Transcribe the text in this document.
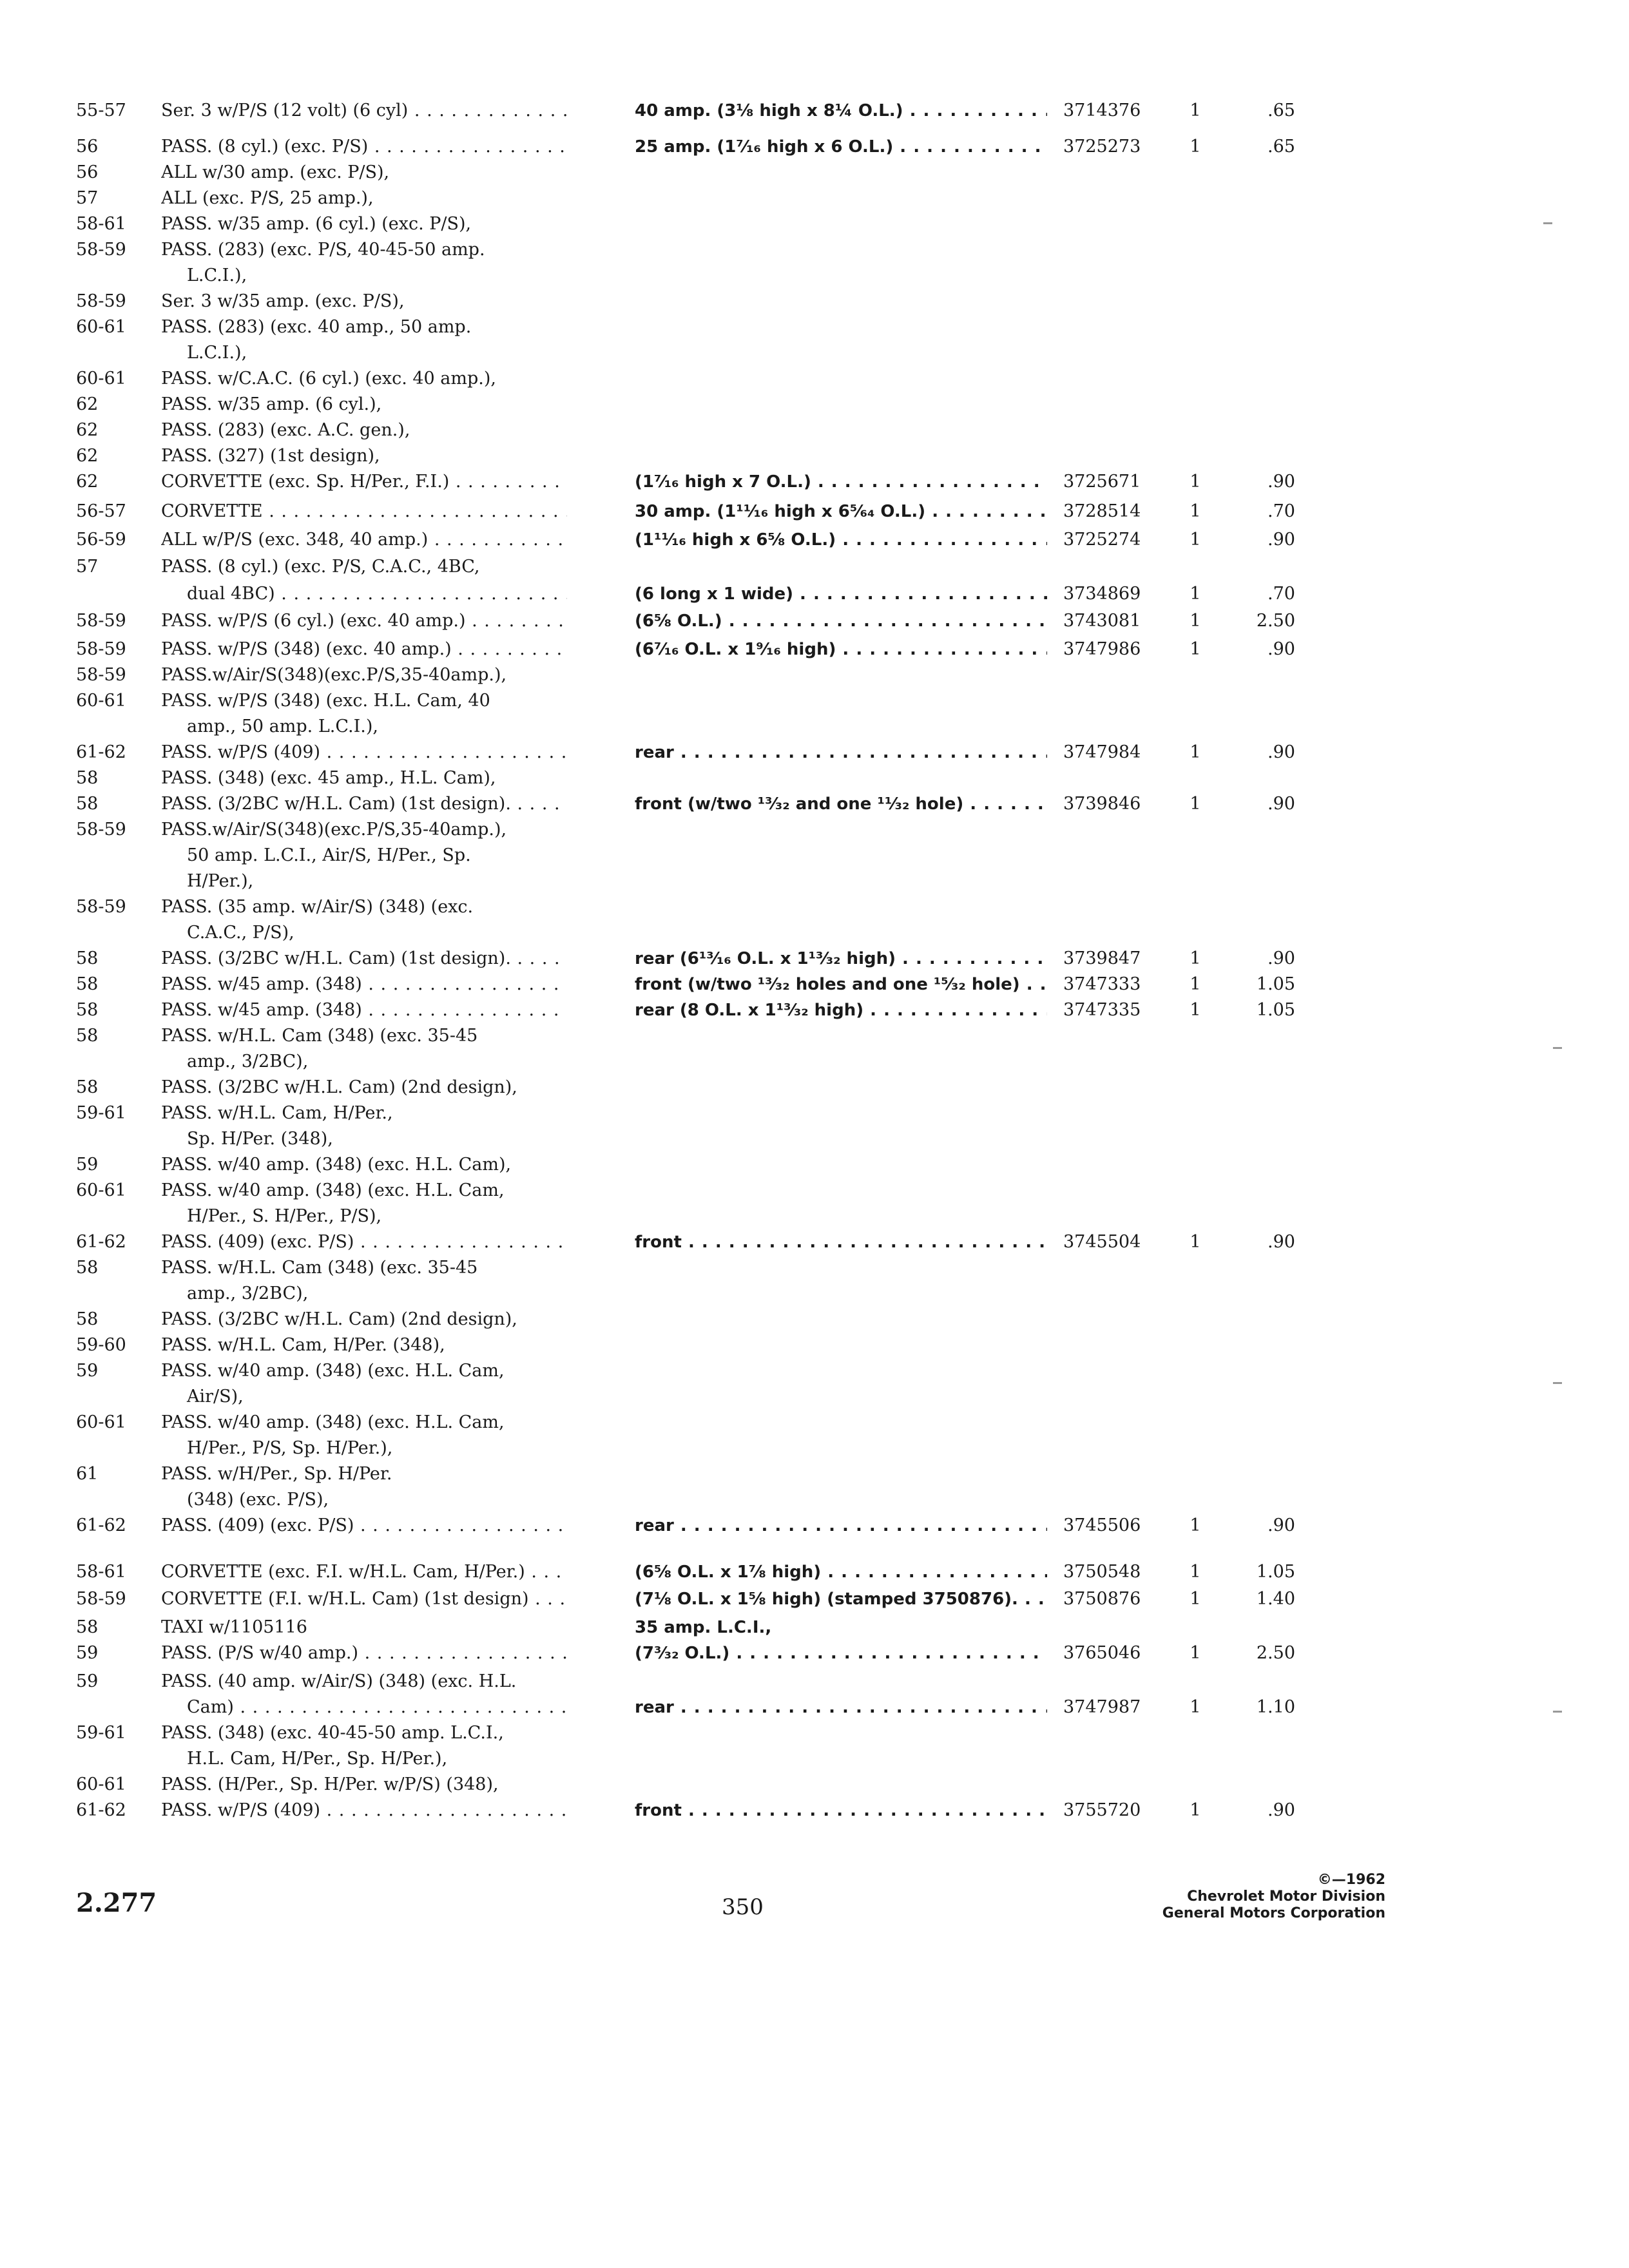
55-57	Ser. 3 w/P/S (12 volt) (6 cyl) . . .	40 amp. (3⅛ high x 8¼ O.L.) . . .	3714376	1	.65
56	PASS. (8 cyl.) (exc. P/S) . . .	25 amp. (1⁷⁄₁₆ high x 6 O.L.) . . .	3725273	1	.65
56	ALL w/30 amp. (exc. P/S),
57	ALL (exc. P/S, 25 amp.),
58-61	PASS. w/35 amp. (6 cyl.) (exc. P/S),
58-59	PASS. (283) (exc. P/S, 40-45-50 amp.
L.C.I.),
58-59	Ser. 3 w/35 amp. (exc. P/S),
60-61	PASS. (283) (exc. 40 amp., 50 amp.
L.C.I.),
60-61	PASS. w/C.A.C. (6 cyl.) (exc. 40 amp.),
62	PASS. w/35 amp. (6 cyl.),
62	PASS. (283) (exc. A.C. gen.),
62	PASS. (327) (1st design),
62	CORVETTE (exc. Sp. H/Per., F.I.) . . .	(1⁷⁄₁₆ high x 7 O.L.) . . .	3725671	1	.90
56-57	CORVETTE . . .	30 amp. (1¹¹⁄₁₆ high x 6⁵⁄₆₄ O.L.) . . .	3728514	1	.70
56-59	ALL w/P/S (exc. 348, 40 amp.) . . .	(1¹¹⁄₁₆ high x 6⅝ O.L.) . . .	3725274	1	.90
57	PASS. (8 cyl.) (exc. P/S, C.A.C., 4BC,
dual 4BC) . . .	(6 long x 1 wide) . . .	3734869	1	.70
58-59	PASS. w/P/S (6 cyl.) (exc. 40 amp.) . . .	(6⅝ O.L.) . . .	3743081	1	2.50
58-59	PASS. w/P/S (348) (exc. 40 amp.) . . .	(6⁷⁄₁₆ O.L. x 1⁹⁄₁₆ high) . . .	3747986	1	.90
58-59	PASS.w/Air/S(348)(exc.P/S,35-40amp.),
60-61	PASS. w/P/S (348) (exc. H.L. Cam, 40
amp., 50 amp. L.C.I.),
61-62	PASS. w/P/S (409) . . .	rear . . .	3747984	1	.90
58	PASS. (348) (exc. 45 amp., H.L. Cam),
58	PASS. (3/2BC w/H.L. Cam) (1st design). . . .	front (w/two ¹³⁄₃₂ and one ¹¹⁄₃₂ hole) . . .	3739846	1	.90
58-59	PASS.w/Air/S(348)(exc.P/S,35-40amp.),
50 amp. L.C.I., Air/S, H/Per., Sp.
H/Per.),
58-59	PASS. (35 amp. w/Air/S) (348) (exc.
C.A.C., P/S),
58	PASS. (3/2BC w/H.L. Cam) (1st design). . . .	rear (6¹³⁄₁₆ O.L. x 1¹³⁄₃₂ high) . . .	3739847	1	.90
58	PASS. w/45 amp. (348) . . .	front (w/two ¹³⁄₃₂ holes and one ¹⁵⁄₃₂ hole) . . .	3747333	1	1.05
58	PASS. w/45 amp. (348) . . .	rear (8 O.L. x 1¹³⁄₃₂ high) . . .	3747335	1	1.05
58	PASS. w/H.L. Cam (348) (exc. 35-45
amp., 3/2BC),
58	PASS. (3/2BC w/H.L. Cam) (2nd design),
59-61	PASS. w/H.L. Cam, H/Per.,
Sp. H/Per. (348),
59	PASS. w/40 amp. (348) (exc. H.L. Cam),
60-61	PASS. w/40 amp. (348) (exc. H.L. Cam,
H/Per., S. H/Per., P/S),
61-62	PASS. (409) (exc. P/S) . . .	front . . .	3745504	1	.90
58	PASS. w/H.L. Cam (348) (exc. 35-45
amp., 3/2BC),
58	PASS. (3/2BC w/H.L. Cam) (2nd design),
59-60	PASS. w/H.L. Cam, H/Per. (348),
59	PASS. w/40 amp. (348) (exc. H.L. Cam,
Air/S),
60-61	PASS. w/40 amp. (348) (exc. H.L. Cam,
H/Per., P/S, Sp. H/Per.),
61	PASS. w/H/Per., Sp. H/Per.
(348) (exc. P/S),
61-62	PASS. (409) (exc. P/S) . . .	rear . . .	3745506	1	.90
58-61	CORVETTE (exc. F.I. w/H.L. Cam, H/Per.) . . .	(6⅝ O.L. x 1⅞ high) . . .	3750548	1	1.05
58-59	CORVETTE (F.I. w/H.L. Cam) (1st design) . . .	(7⅛ O.L. x 1⅝ high) (stamped 3750876). . . .	3750876	1	1.40
58	TAXI w/1105116	35 amp. L.C.I.,
59	PASS. (P/S w/40 amp.) . . .	(7³⁄₃₂ O.L.) . . .	3765046	1	2.50
59	PASS. (40 amp. w/Air/S) (348) (exc. H.L.
Cam) . . .	rear . . .	3747987	1	1.10
59-61	PASS. (348) (exc. 40-45-50 amp. L.C.I.,
H.L. Cam, H/Per., Sp. H/Per.),
60-61	PASS. (H/Per., Sp. H/Per. w/P/S) (348),
61-62	PASS. w/P/S (409) . . .	front . . .	3755720	1	.90
2.277	350
©—1962
Chevrolet Motor Division
General Motors Corporation
